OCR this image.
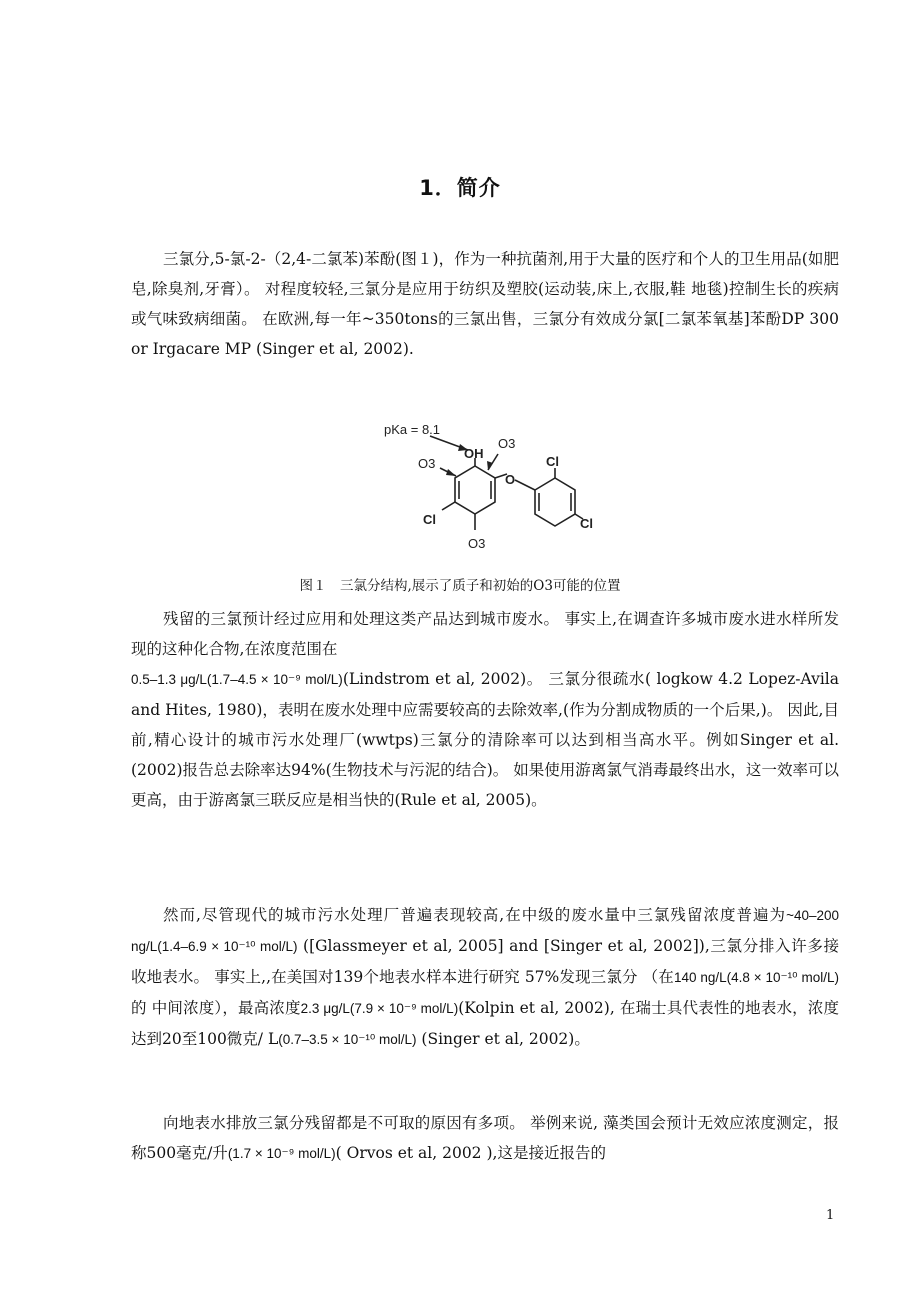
1．简介

三氯分,5-氯-2-（2,4-二氯苯)苯酚(图１)，作为一种抗菌剂,用于大量的医疗和个人的卫生用品(如肥皂,除臭剂,牙膏）。 对程度较轻,三氯分是应用于纺织及塑胶(运动装,床上,衣服,鞋 地毯)控制生长的疾病或气味致病细菌。 在欧洲,每一年~350tons的三氯出售，三氯分有效成分氯[二氯苯氧基]苯酚DP 300 or Irgacare MP (Singer et al, 2002).

pKa = 8.1
OH
O
O3
O3
O3
Cl
Cl	Cl
图１　三氯分结构,展示了质子和初始的O3可能的位置

残留的三氯预计经过应用和处理这类产品达到城市废水。 事实上,在调查许多城市废水进水样所发现的这种化合物,在浓度范围在
0.5–1.3 μg/L(1.7–4.5 × 10⁻⁹ mol/L)(Lindstrom et al, 2002)。 三氯分很疏水( logkow 4.2 Lopez-Avila and Hites, 1980)，表明在废水处理中应需要较高的去除效率,(作为分割成物质的一个后果,)。 因此,目前,精心设计的城市污水处理厂(wwtps)三氯分的清除率可以达到相当高水平。例如Singer et al. (2002)报告总去除率达94%(生物技术与污泥的结合)。 如果使用游离氯气消毒最终出水，这一效率可以更高，由于游离氯三联反应是相当快的(Rule et al, 2005)。

然而,尽管现代的城市污水处理厂普遍表现较高,在中级的废水量中三氯残留浓度普遍为~40–200 ng/L(1.4–6.9 × 10⁻¹⁰ mol/L) ([Glassmeyer et al, 2005] and [Singer et al, 2002]),三氯分排入许多接收地表水。 事实上,,在美国对139个地表水样本进行研究 57%发现三氯分 （在140 ng/L(4.8 × 10⁻¹⁰ mol/L)的 中间浓度），最高浓度2.3 μg/L(7.9 × 10⁻⁹ mol/L)(Kolpin et al, 2002), 在瑞士具代表性的地表水，浓度达到20至100微克/ L(0.7–3.5 × 10⁻¹⁰ mol/L) (Singer et al, 2002)。

向地表水排放三氯分残留都是不可取的原因有多项。 举例来说, 藻类国会预计无效应浓度测定，报称500毫克/升(1.7 × 10⁻⁹ mol/L)( Orvos et al, 2002 ),这是接近报告的

1
